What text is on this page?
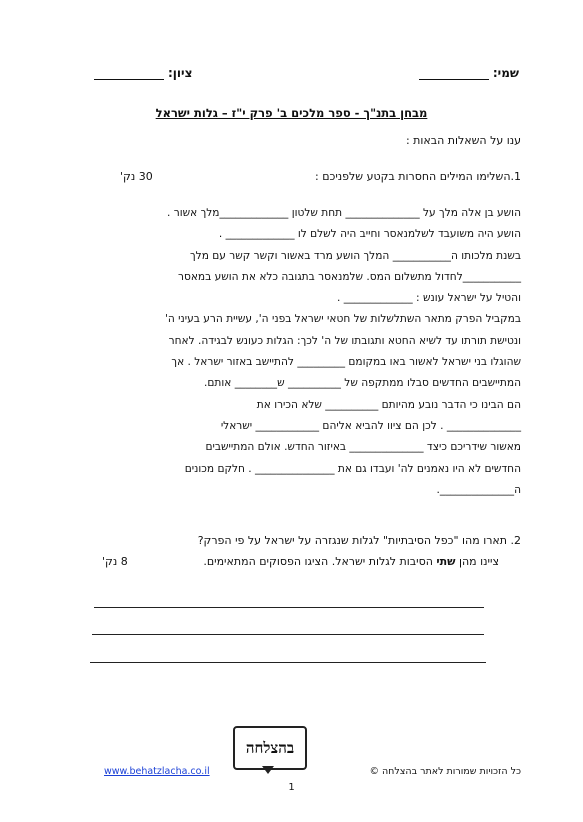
שמי:
ציון:
מבחן בתנ"ך - ספר מלכים ב' פרק י"ז – גלות ישראל
ענו על השאלות הבאות :
1.השלימו המילים החסרות בקטע שלפניכם :
30 נק'

הושע בן אלה מלך על ______________ תחת שלטון _____________מלך אשור .

הושע היה משועבד לשלמנאסר וחייב היה לשלם לו _____________ .

בשנת מלכותו ה___________ המלך הושע מרד באשור וקשר קשר עם מלך

___________לחדול מתשלום המס. שלמנאסר בתגובה כלא את הושע במאסר

והטיל על ישראל עונש : _____________ .

במקביל הפרק מתאר השתלשלות של חטאי ישראל בפני ה', עשיית הרע בעיני ה'

ונטישת תורתו עד לשיא החטא ותגובתו של ה' לכך: הגלות כעונש לבגידה. לאחר

שהוגלו בני ישראל לאשור באו במקומם _________ להתיישב באזור ישראל . אך

המתיישבים החדשים סבלו ממתקפה של __________ ש________ אותם.

הם הבינו כי הדבר נובע מהיותם __________ שלא הכירו את

______________ . לכן הם ציוו להביא אליהם ____________ ישראלי

מאשור שידריכם כיצד ______________ באיזור החדש. אולם המתיישבים

החדשים לא היו נאמנים לה' ועבדו גם את _______________ . חלקם מכונים

ה______________.

2. תארו מהו "כפל הסיבתיות" לגלות שנגזרה על ישראל על פי הפרק?
ציינו מהן שתי הסיבות לגלות ישראל. הציגו הפסוקים המתאימים.
8 נק'
בהצלחה
www.behatzlacha.co.il	כל הזכויות שמורות לאתר בהצלחה ©
1
